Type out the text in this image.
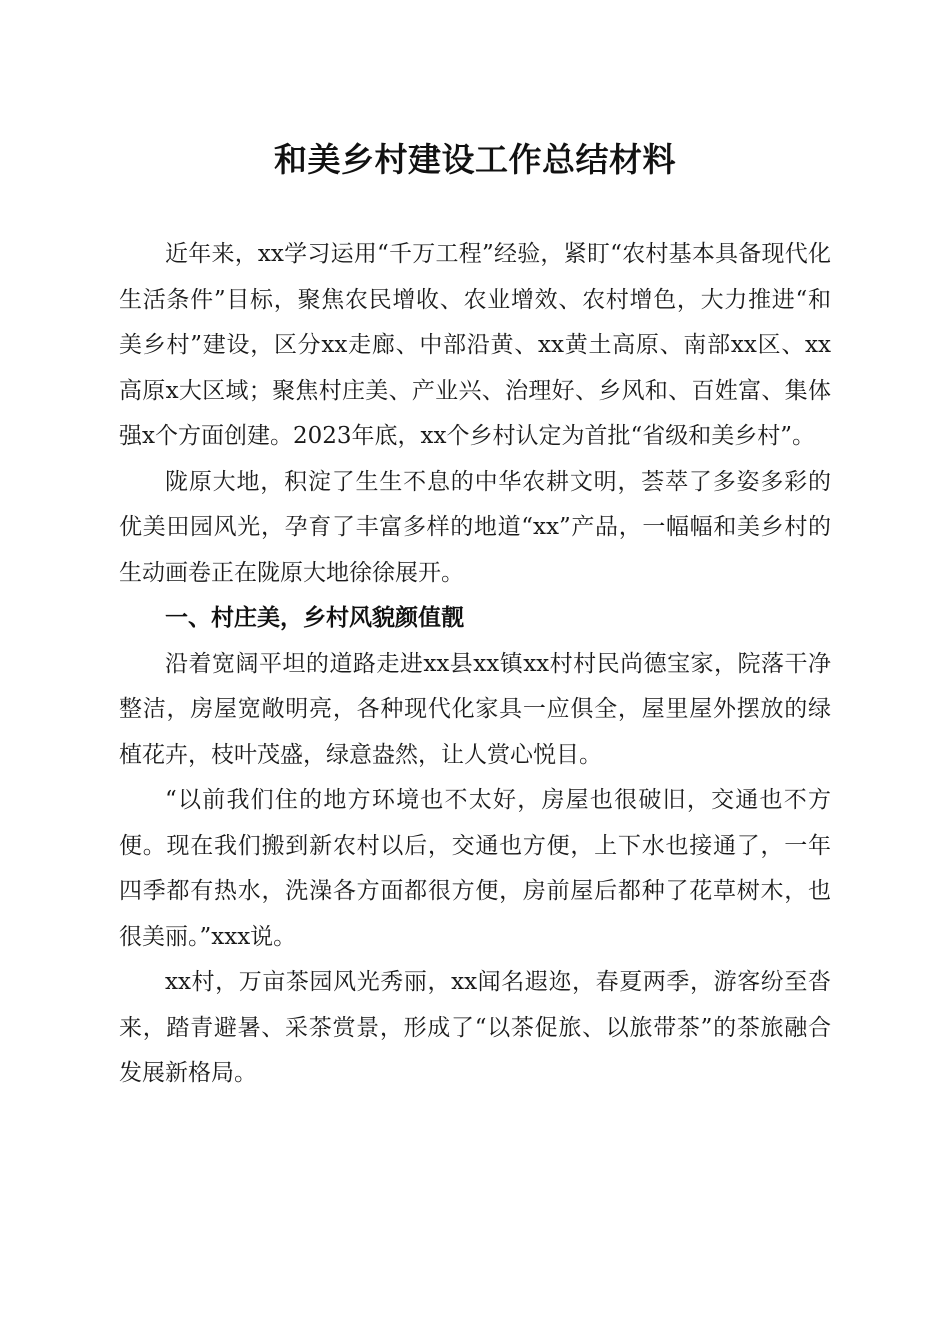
和美乡村建设工作总结材料

近年来，xx学习运用“千万工程”经验，紧盯“农村基本具备现代化生活条件”目标，聚焦农民增收、农业增效、农村增色，大力推进“和美乡村”建设，区分xx走廊、中部沿黄、xx黄土高原、南部xx区、xx高原x大区域；聚焦村庄美、产业兴、治理好、乡风和、百姓富、集体强x个方面创建。2023年底，xx个乡村认定为首批“省级和美乡村”。

陇原大地，积淀了生生不息的中华农耕文明，荟萃了多姿多彩的优美田园风光，孕育了丰富多样的地道“xx”产品，一幅幅和美乡村的生动画卷正在陇原大地徐徐展开。

一、村庄美，乡村风貌颜值靓

沿着宽阔平坦的道路走进xx县xx镇xx村村民尚德宝家，院落干净整洁，房屋宽敞明亮，各种现代化家具一应俱全，屋里屋外摆放的绿植花卉，枝叶茂盛，绿意盎然，让人赏心悦目。

“以前我们住的地方环境也不太好，房屋也很破旧，交通也不方便。现在我们搬到新农村以后，交通也方便，上下水也接通了，一年四季都有热水，洗澡各方面都很方便，房前屋后都种了花草树木，也很美丽。”xxx说。

xx村，万亩茶园风光秀丽，xx闻名遐迩，春夏两季，游客纷至沓来，踏青避暑、采茶赏景，形成了“以茶促旅、以旅带茶”的茶旅融合发展新格局。
